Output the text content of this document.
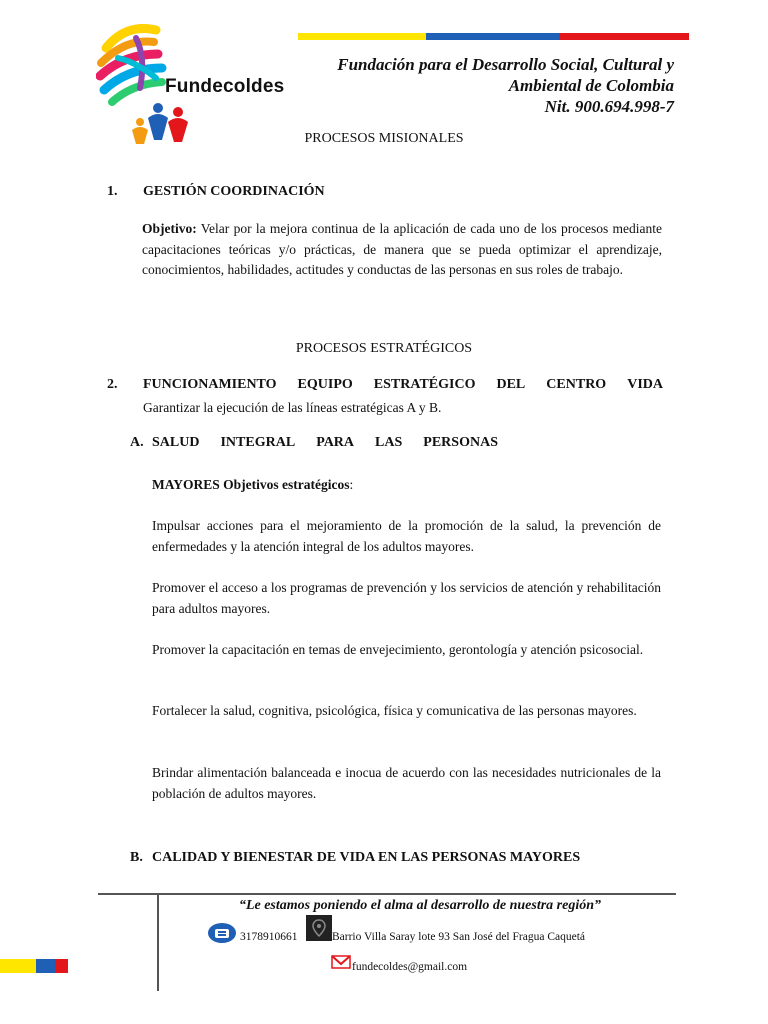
Fundecoldes
Fundación para el Desarrollo Social, Cultural y
Ambiental de Colombia
Nit. 900.694.998-7
PROCESOS MISIONALES
1. GESTIÓN COORDINACIÓN
Objetivo: Velar por la mejora continua de la aplicación de cada uno de los procesos mediante capacitaciones teóricas y/o prácticas, de manera que se pueda optimizar el aprendizaje, conocimientos, habilidades, actitudes y conductas de las personas en sus roles de trabajo.
PROCESOS ESTRATÉGICOS
2. FUNCIONAMIENTO EQUIPO ESTRATÉGICO DEL CENTRO VIDA
Garantizar la ejecución de las líneas estratégicas A y B.
A. SALUD INTEGRAL PARA LAS PERSONAS
MAYORES Objetivos estratégicos:
Impulsar acciones para el mejoramiento de la promoción de la salud, la prevención de enfermedades y la atención integral de los adultos mayores.
Promover el acceso a los programas de prevención y los servicios de atención y rehabilitación para adultos mayores.
Promover la capacitación en temas de envejecimiento, gerontología y atención psicosocial.
Fortalecer la salud, cognitiva, psicológica, física y comunicativa de las personas mayores.
Brindar alimentación balanceada e inocua de acuerdo con las necesidades nutricionales de la población de adultos mayores.
B. CALIDAD Y BIENESTAR DE VIDA EN LAS PERSONAS MAYORES
“Le estamos poniendo el alma al desarrollo de nuestra región”
3178910661	Barrio Villa Saray lote 93 San José del Fragua Caquetá
fundecoldes@gmail.com
